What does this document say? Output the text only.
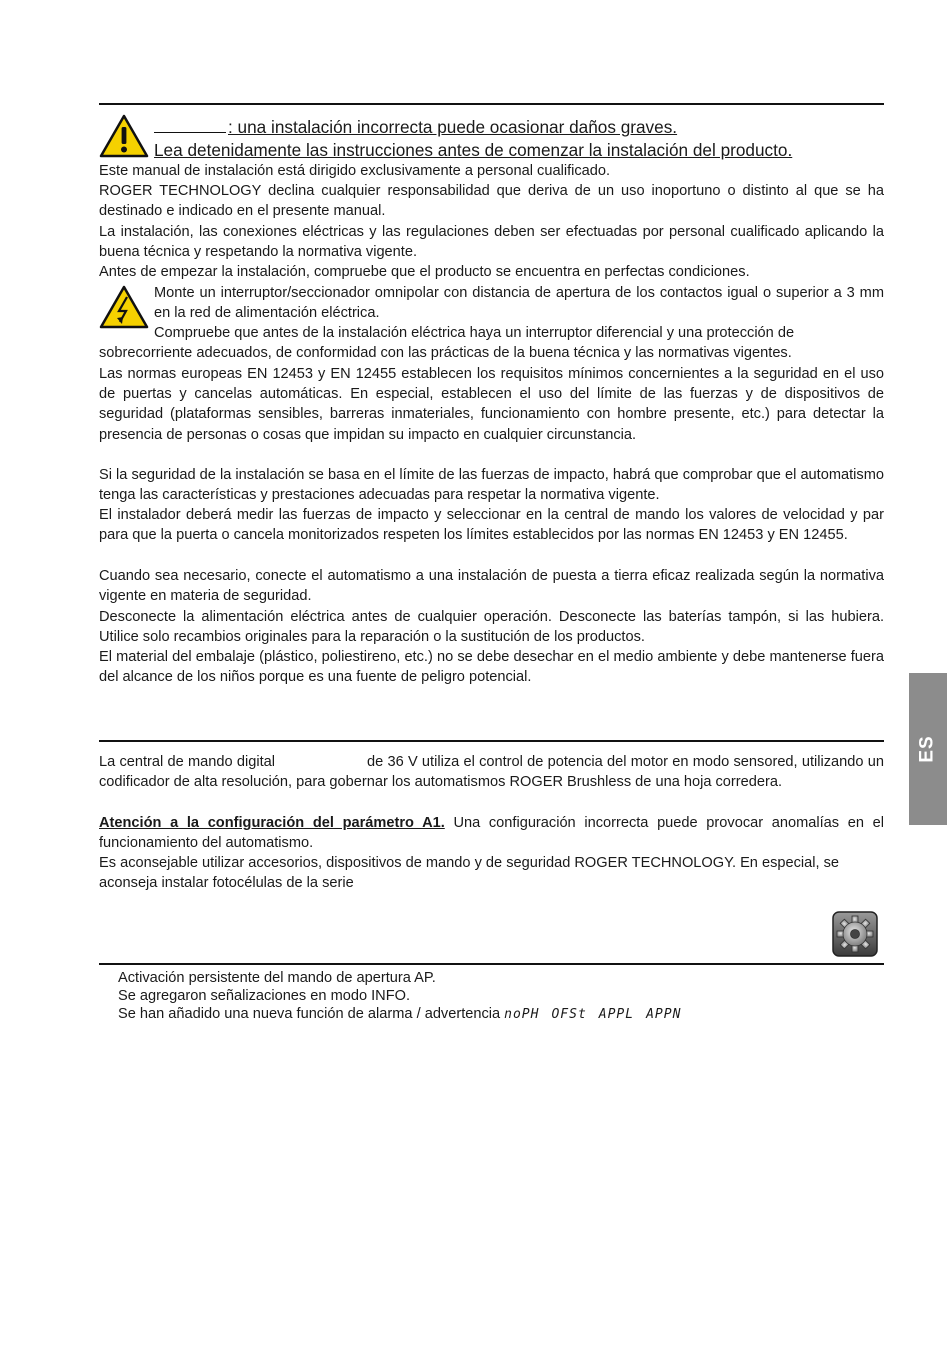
: una instalación incorrecta puede ocasionar daños graves.
Lea detenidamente las instrucciones antes de comenzar la instalación del producto.

Este manual de instalación está dirigido exclusivamente a personal cualificado.

ROGER TECHNOLOGY declina cualquier responsabilidad que deriva de un uso inoportuno o distinto al que se ha destinado e indicado en el presente manual.

La instalación, las conexiones eléctricas y las regulaciones deben ser efectuadas por personal cualificado aplicando la buena técnica y respetando la normativa vigente.

Antes de empezar la instalación, compruebe que el producto se encuentra en perfectas condiciones.

Monte un interruptor/seccionador omnipolar con distancia de apertura de los contactos igual o superior a 3 mm en la red de alimentación eléctrica.

Compruebe que antes de la instalación eléctrica haya un interruptor diferencial y una protección de

sobrecorriente adecuados, de conformidad con las prácticas de la buena técnica y las normativas vigentes.

Las normas europeas EN 12453 y EN 12455 establecen los requisitos mínimos concernientes a la seguridad en el uso de puertas y cancelas automáticas. En especial, establecen el uso del límite de las fuerzas y de dispositivos de seguridad (plataformas sensibles, barreras inmateriales, funcionamiento con hombre presente, etc.) para detectar la presencia de personas o cosas que impidan su impacto en cualquier circunstancia.

Si la seguridad de la instalación se basa en el límite de las fuerzas de impacto, habrá que comprobar que el automatismo tenga las características y prestaciones adecuadas para respetar la normativa vigente.

El instalador deberá medir las fuerzas de impacto y seleccionar en la central de mando los valores de velocidad y par para que la puerta o cancela monitorizados respeten los límites establecidos por las normas EN 12453 y EN 12455.

Cuando sea necesario, conecte el automatismo a una instalación de puesta a tierra eficaz realizada según la normativa vigente en materia de seguridad.

Desconecte la alimentación eléctrica antes de cualquier operación. Desconecte las baterías tampón, si las hubiera. Utilice solo recambios originales para la reparación o la sustitución de los productos.

El material del embalaje (plástico, poliestireno, etc.) no se debe desechar en el medio ambiente y debe mantenerse fuera del alcance de los niños porque es una fuente de peligro potencial.

ES

La central de mando digital	de 36 V utiliza el control de potencia del motor en modo sensored, utilizando un codificador de alta resolución, para gobernar los automatismos ROGER Brushless de una hoja corredera.

Atención a la configuración del parámetro A1. Una configuración incorrecta puede provocar anomalías en el funcionamiento del automatismo.

Es aconsejable utilizar accesorios, dispositivos de mando y de seguridad ROGER TECHNOLOGY. En especial, se aconseja instalar fotocélulas de la serie

Activación persistente del mando de apertura AP.
Se agregaron señalizaciones en modo INFO.
Se han añadido una nueva función de alarma / advertencia noPH OFSt APPL APPN
